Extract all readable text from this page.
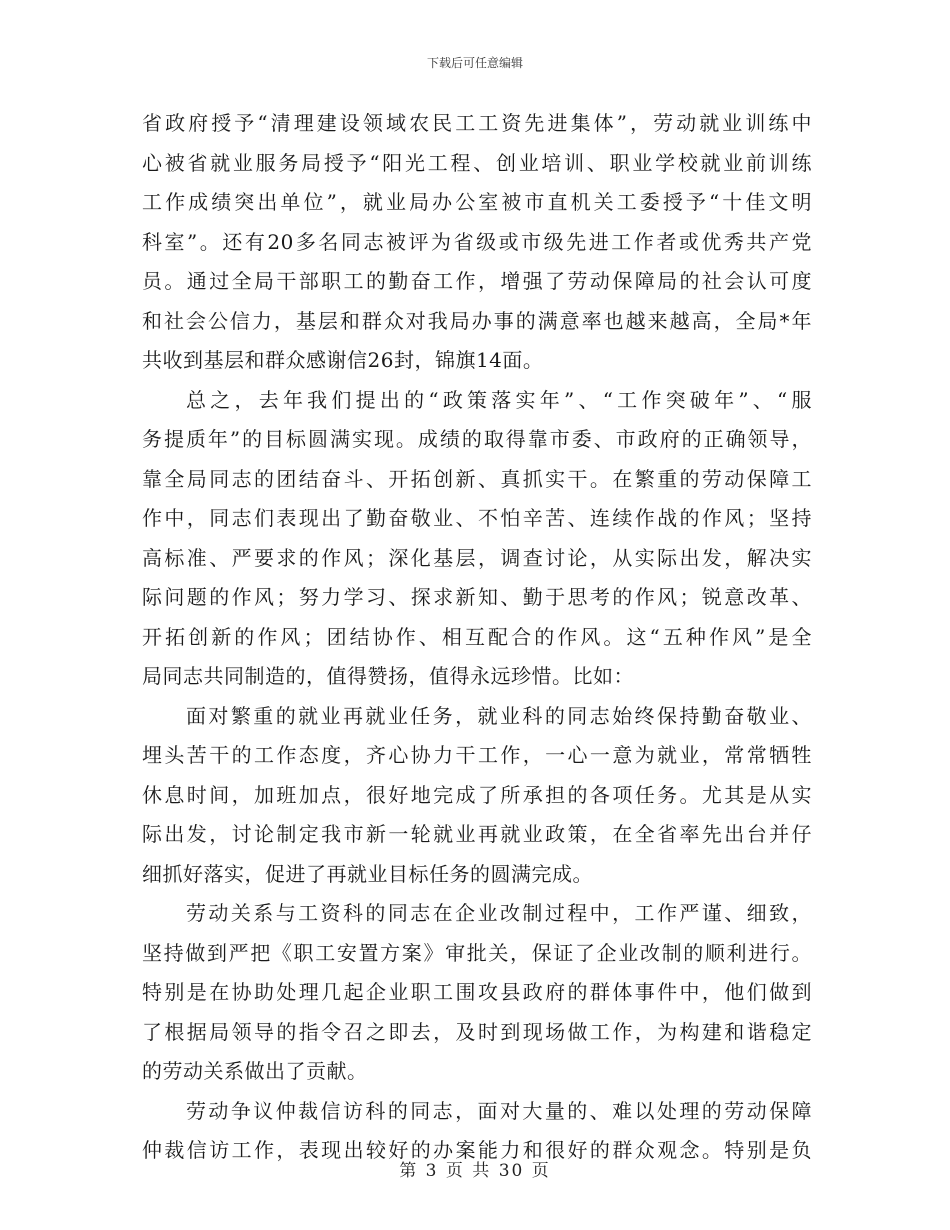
下载后可任意编辑
省政府授予“清理建设领域农民工工资先进集体”，劳动就业训练中
心被省就业服务局授予“阳光工程、创业培训、职业学校就业前训练
工作成绩突出单位”，就业局办公室被市直机关工委授予“十佳文明
科室”。还有20多名同志被评为省级或市级先进工作者或优秀共产党
员。通过全局干部职工的勤奋工作，增强了劳动保障局的社会认可度
和社会公信力，基层和群众对我局办事的满意率也越来越高，全局*年
共收到基层和群众感谢信26封，锦旗14面。
总之，去年我们提出的“政策落实年”、“工作突破年”、“服
务提质年”的目标圆满实现。成绩的取得靠市委、市政府的正确领导，
靠全局同志的团结奋斗、开拓创新、真抓实干。在繁重的劳动保障工
作中，同志们表现出了勤奋敬业、不怕辛苦、连续作战的作风；坚持
高标准、严要求的作风；深化基层，调查讨论，从实际出发，解决实
际问题的作风；努力学习、探求新知、勤于思考的作风；锐意改革、
开拓创新的作风；团结协作、相互配合的作风。这“五种作风”是全
局同志共同制造的，值得赞扬，值得永远珍惜。比如：
面对繁重的就业再就业任务，就业科的同志始终保持勤奋敬业、
埋头苦干的工作态度，齐心协力干工作，一心一意为就业，常常牺牲
休息时间，加班加点，很好地完成了所承担的各项任务。尤其是从实
际出发，讨论制定我市新一轮就业再就业政策，在全省率先出台并仔
细抓好落实，促进了再就业目标任务的圆满完成。
劳动关系与工资科的同志在企业改制过程中，工作严谨、细致，
坚持做到严把《职工安置方案》审批关，保证了企业改制的顺利进行。
特别是在协助处理几起企业职工围攻县政府的群体事件中，他们做到
了根据局领导的指令召之即去，及时到现场做工作，为构建和谐稳定
的劳动关系做出了贡献。
劳动争议仲裁信访科的同志，面对大量的、难以处理的劳动保障
仲裁信访工作，表现出较好的办案能力和很好的群众观念。特别是负
第 3 页 共 30 页
